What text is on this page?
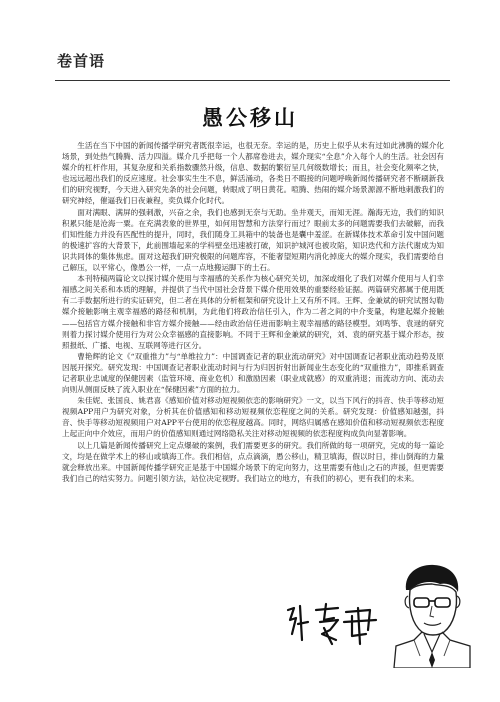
卷首语
愚公移山

生活在当下中国的新闻传播学研究者既很幸运，也很无奈。幸运的是，历史上似乎从未有过如此沸腾的媒介化场景，到处热气腾腾、活力四溢。媒介几乎把每一个人都席卷进去，媒介现实“全息”介入每个人的生活。社会因有媒介的杠杆作用，其复杂度和关系指数骤然升级，信息、数据的繁衍呈几何级数增长；而且，社会变化频率之快，也远远超出我们的反应速度。社会事实生生不息，鲜活涌动，各类日不暇接的问题呼唤新闻传播研究者不断刷新我们的研究视野，今天进入研究先条的社会问题，转眼成了明日黄花。喧腾、热闹的媒介场景源源不断地刺激我们的研究神经，催逼我们日夜兼程，奕负媒介化时代。

面对满眼、满屏的强刺激，兴奋之余，我们也感到无奈与无助。坐井观天，而知无涯。瀚海无边，我们的知识积累只能是沧海一粟。在充满表象的世界里，如何用智慧和方法穿行而过？眼前太多的问题需要我们去破解，而我们知性能力并没有匹配性的提升，同时，我们随身工具箱中的装备也是囊中羞涩。在新媒体技术革命引发中国问题的极速扩容的大背景下，此前围墙起来的学科壁垒迅速被打破，知识护城河也被攻陷，知识迭代和方法代谢成为知识共同体的集体焦虑。面对这超我们研究极限的问题库容，不能奢望短期内消化掉庞大的媒介现实，我们需要给自己解压，以平常心，像愚公一样，一点一点地搬运脚下的土石。

本刊特稿两篇论文以探讨媒介使用与幸福感的关系作为核心研究关切，加深或细化了我们对媒介使用与人们幸福感之间关系和本质的理解，并提供了当代中国社会背景下媒介使用效果的重要经验证据。两篇研究都属于使用既有二手数据所进行的实证研究，但二者在具体的分析框架和研究设计上又有所不同。王辉、金兼斌的研究试图勾勒媒介接触影响主观幸福感的路径和机制，为此他们将政治信任引入，作为二者之间的中介变量，构建起媒介接触——包括官方媒介接触和非官方媒介接触——经由政治信任进而影响主观幸福感的路径模型。刘鸣筝、袁逯的研究则着力探讨媒介使用行为对公众幸福感的直接影响。不同于王辉和金兼斌的研究，刘、袁的研究基于媒介形态，按照报纸、广播、电视、互联网等进行区分。

曹艳辉的论文《“双重推力”与“单维拉力”：中国调查记者的职业流动研究》对中国调查记者职业流动趋势及原因展开探究。研究发现：中国调查记者职业流动时间与行为归因折射出新闻业生态变化的“双重推力”，即推系调查记者职业忠诚度的保健因素（监管环境、商业危机）和激励因素（职业成就感）的双重消退；而流动方向、流动去向则从侧面反映了流入职业在“保健因素”方面的拉力。

朱佳妮、张国良、姚君喜《感知价值对移动短视频依恋的影响研究》一文，以当下风行的抖音、快手等移动短视频APP用户为研究对象，分析其在价值感知和移动短视频依恋程度之间的关系。研究发现：价值感知越强，抖音、快手等移动短视频用户对APP平台使用的依恋程度越高。同时，网络归属感在感知价值和移动短视频依恋程度上起正向中介效应，而用户的价值感知则通过网络隐私关注对移动短视频的依恋程度构成负向显著影响。

以上几篇是新闻传播研究上定点爆破的案例，我们需要更多的研究。我们所做的每一项研究，完成的每一篇论文，均是在做学术上的移山或填海工作。我们相信，点点滴滴，愚公移山，精卫填海，假以时日，排山倒海的力量就会释放出来。中国新闻传播学研究正是基于中国媒介场景下的定向努力，这里需要有他山之石的声援，但更需要我们自己的结实努力。问题引领方法，站位决定视野。我们站立的地方，有我们的初心，更有我们的未来。
